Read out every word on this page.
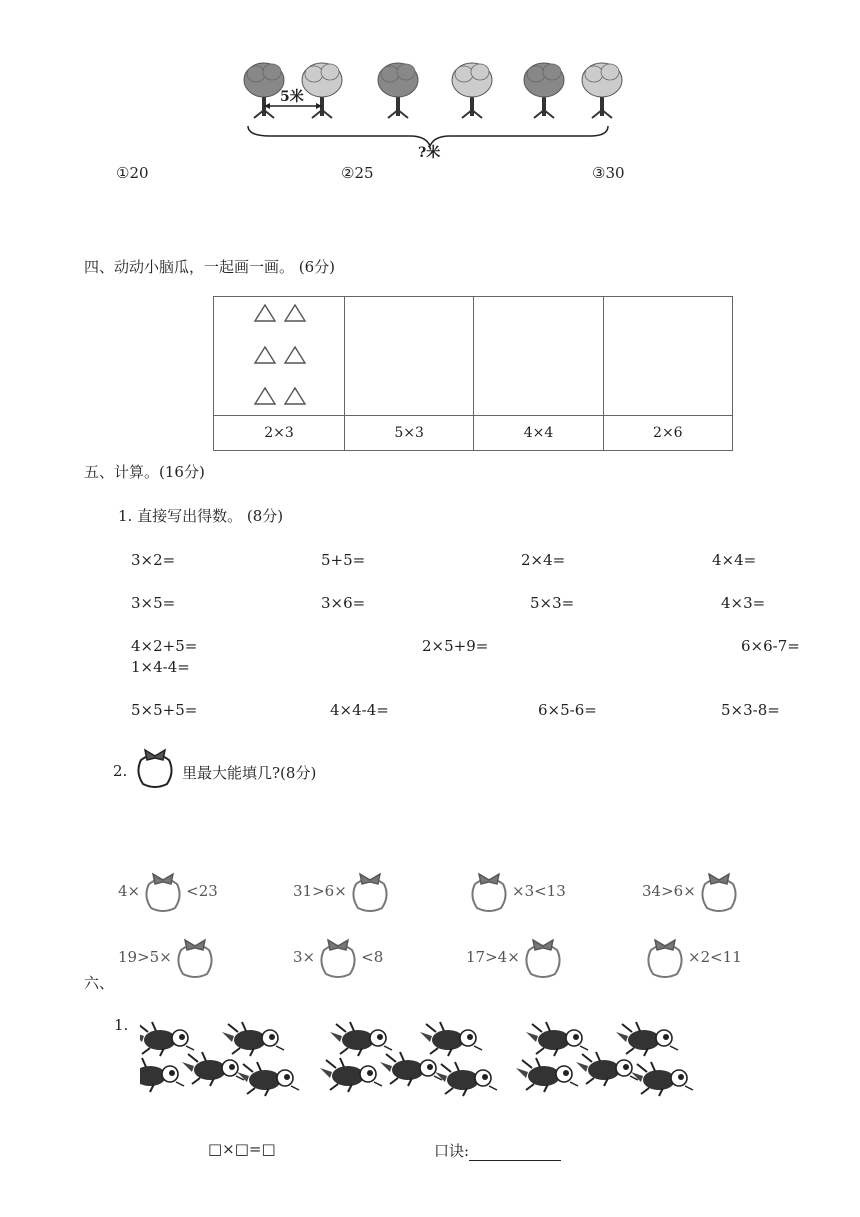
5米
?米
①20	②25	③30
四、动动小脑瓜，一起画一画。 (6分)

2×3	5×3	4×4	2×6
五、计算。(16分)
1. 直接写出得数。 (8分)
3×2=	5+5=	2×4=	4×4=
3×5=	3×6=	5×3=	4×3=
4×2+5=	2×5+9=	6×6-7=
1×4-4=
5×5+5=	4×4-4=	6×5-6=	5×3-8=
2.	里最大能填几?(8分)
4×	<23	31>6×	×3<13	34>6×
19>5×	3×	<8	17>4×	×2<11
六、
1.
□×□=□	口诀:
